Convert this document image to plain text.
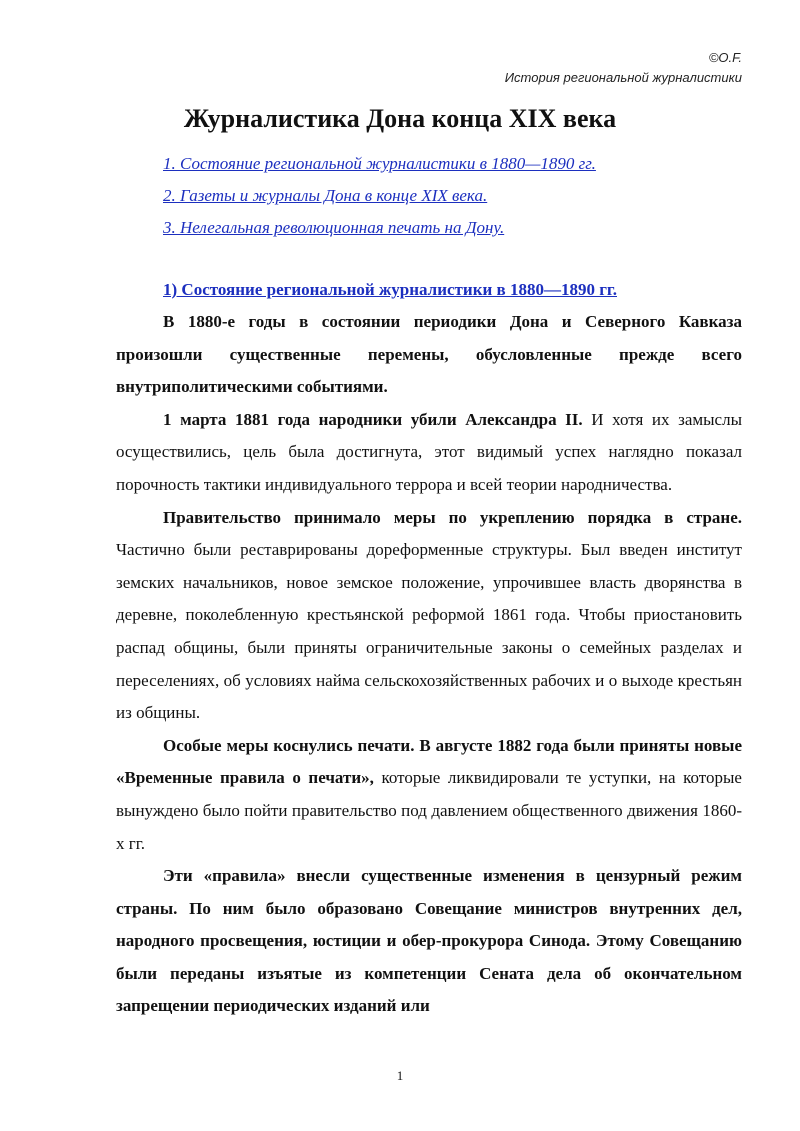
©O.F.
История региональной журналистики
Журналистика Дона конца XIX века
1. Состояние региональной журналистики в 1880—1890 гг.
2. Газеты и журналы Дона в конце XIX века.
3. Нелегальная революционная печать на Дону.
1) Состояние региональной журналистики в 1880—1890 гг.

В 1880-е годы в состоянии периодики Дона и Северного Кавказа произошли существенные перемены, обусловленные прежде всего внутриполитическими событиями.

1 марта 1881 года народники убили Александра II. И хотя их замыслы осуществились, цель была достигнута, этот видимый успех наглядно показал порочность тактики индивидуального террора и всей теории народничества.

Правительство принимало меры по укреплению порядка в стране. Частично были реставрированы дореформенные структуры. Был введен институт земских начальников, новое земское положение, упрочившее власть дворянства в деревне, поколебленную крестьянской реформой 1861 года. Чтобы приостановить распад общины, были приняты ограничительные законы о семейных разделах и переселениях, об условиях найма сельскохозяйственных рабочих и о выходе крестьян из общины.

Особые меры коснулись печати. В августе 1882 года были приняты новые «Временные правила о печати», которые ликвидировали те уступки, на которые вынуждено было пойти правительство под давлением общественного движения 1860-х гг.

Эти «правила» внесли существенные изменения в цензурный режим страны. По ним было образовано Совещание министров внутренних дел, народного просвещения, юстиции и обер-прокурора Синода. Этому Совещанию были переданы изъятые из компетенции Сената дела об окончательном запрещении периодических изданий или

1
